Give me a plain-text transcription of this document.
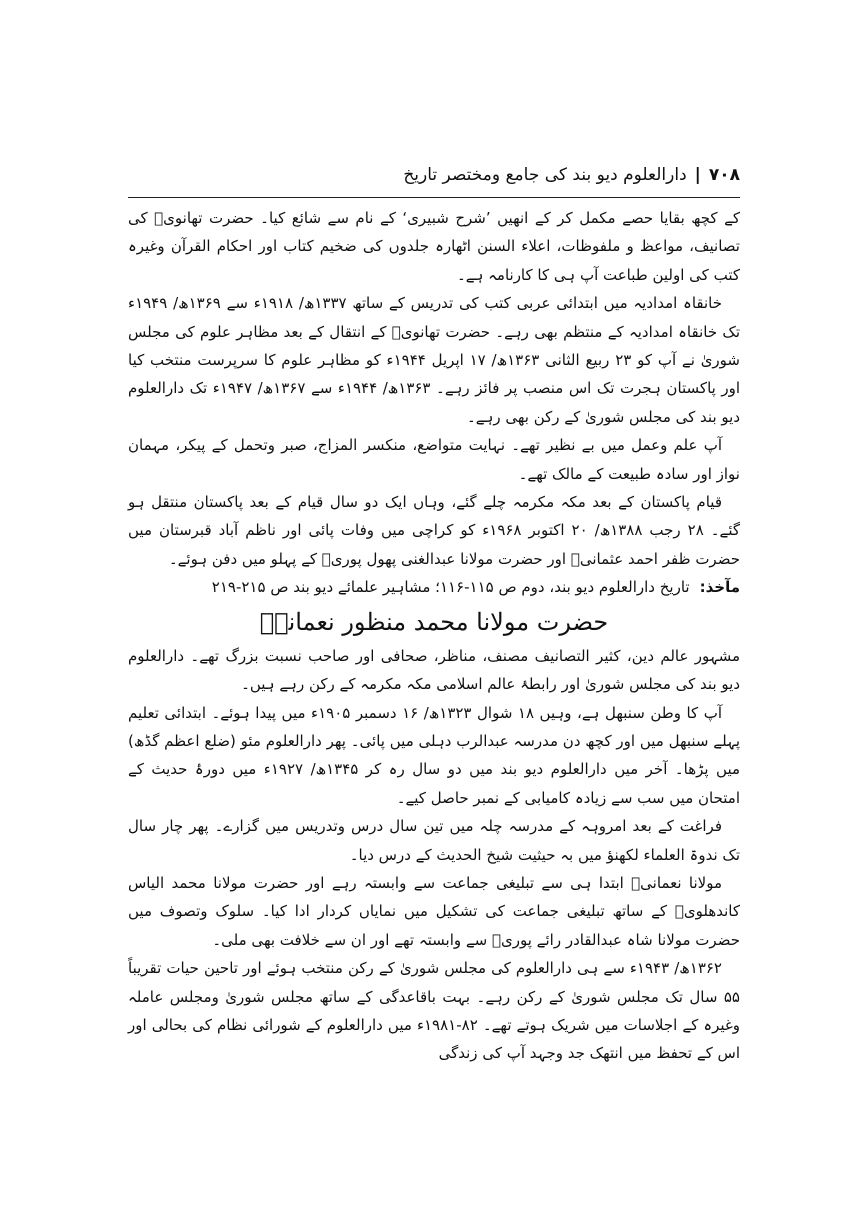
۷۰۸
|
دارالعلوم دیو بند کی جامع ومختصر تاریخ

کے کچھ بقایا حصے مکمل کر کے انھیں ’شرح شبیری‘ کے نام سے شائع کیا۔ حضرت تھانویؒ کی تصانیف، مواعظ و ملفوظات، اعلاء السنن اٹھارہ جلدوں کی ضخیم کتاب اور احکام القرآن وغیرہ کتب کی اولین طباعت آپ ہی کا کارنامہ ہے۔

خانقاہ امدادیہ میں ابتدائی عربی کتب کی تدریس کے ساتھ ۱۳۳۷ھ/ ۱۹۱۸ء سے ۱۳۶۹ھ/ ۱۹۴۹ء تک خانقاہ امدادیہ کے منتظم بھی رہے۔ حضرت تھانویؒ کے انتقال کے بعد مظاہر علوم کی مجلس شوریٰ نے آپ کو ۲۳ ربیع الثانی ۱۳۶۳ھ/ ۱۷ اپریل ۱۹۴۴ء کو مظاہر علوم کا سرپرست منتخب کیا اور پاکستان ہجرت تک اس منصب پر فائز رہے۔ ۱۳۶۳ھ/ ۱۹۴۴ء سے ۱۳۶۷ھ/ ۱۹۴۷ء تک دارالعلوم دیو بند کی مجلس شوریٰ کے رکن بھی رہے۔

آپ علم وعمل میں بے نظیر تھے۔ نہایت متواضع، منکسر المزاج، صبر وتحمل کے پیکر، مہمان نواز اور سادہ طبیعت کے مالک تھے۔

قیام پاکستان کے بعد مکہ مکرمہ چلے گئے، وہاں ایک دو سال قیام کے بعد پاکستان منتقل ہو گئے۔ ۲۸ رجب ۱۳۸۸ھ/ ۲۰ اکتوبر ۱۹۶۸ء کو کراچی میں وفات پائی اور ناظم آباد قبرستان میں حضرت ظفر احمد عثمانیؒ اور حضرت مولانا عبدالغنی پھول پوریؒ کے پہلو میں دفن ہوئے۔

مآخذ:تاریخ دارالعلوم دیو بند، دوم ص ۱۱۵-۱۱۶؛ مشاہیر علمائے دیو بند ص ۲۱۵-۲۱۹

حضرت مولانا محمد منظور نعمانیؒ

مشہور عالم دین، کثیر التصانیف مصنف، مناظر، صحافی اور صاحب نسبت بزرگ تھے۔ دارالعلوم دیو بند کی مجلس شوریٰ اور رابطۂ عالم اسلامی مکہ مکرمہ کے رکن رہے ہیں۔

آپ کا وطن سنبھل ہے، وہیں ۱۸ شوال ۱۳۲۳ھ/ ۱۶ دسمبر ۱۹۰۵ء میں پیدا ہوئے۔ ابتدائی تعلیم پہلے سنبھل میں اور کچھ دن مدرسہ عبدالرب دہلی میں پائی۔ پھر دارالعلوم مئو (ضلع اعظم گڈھ) میں پڑھا۔ آخر میں دارالعلوم دیو بند میں دو سال رہ کر ۱۳۴۵ھ/ ۱۹۲۷ء میں دورۂ حدیث کے امتحان میں سب سے زیادہ کامیابی کے نمبر حاصل کیے۔

فراغت کے بعد امروہہ کے مدرسہ چلہ میں تین سال درس وتدریس میں گزارے۔ پھر چار سال تک ندوۃ العلماء لکھنؤ میں بہ حیثیت شیخ الحدیث کے درس دیا۔

مولانا نعمانیؒ ابتدا ہی سے تبلیغی جماعت سے وابستہ رہے اور حضرت مولانا محمد الیاس کاندھلویؒ کے ساتھ تبلیغی جماعت کی تشکیل میں نمایاں کردار ادا کیا۔ سلوک وتصوف میں حضرت مولانا شاہ عبدالقادر رائے پوریؒ سے وابستہ تھے اور ان سے خلافت بھی ملی۔

۱۳۶۲ھ/ ۱۹۴۳ء سے ہی دارالعلوم کی مجلس شوریٰ کے رکن منتخب ہوئے اور تاحین حیات تقریباً ۵۵ سال تک مجلس شوریٰ کے رکن رہے۔ بہت باقاعدگی کے ساتھ مجلس شوریٰ ومجلس عاملہ وغیرہ کے اجلاسات میں شریک ہوتے تھے۔ ۸۲-۱۹۸۱ء میں دارالعلوم کے شورائی نظام کی بحالی اور اس کے تحفظ میں انتھک جد وجہد آپ کی زندگی
